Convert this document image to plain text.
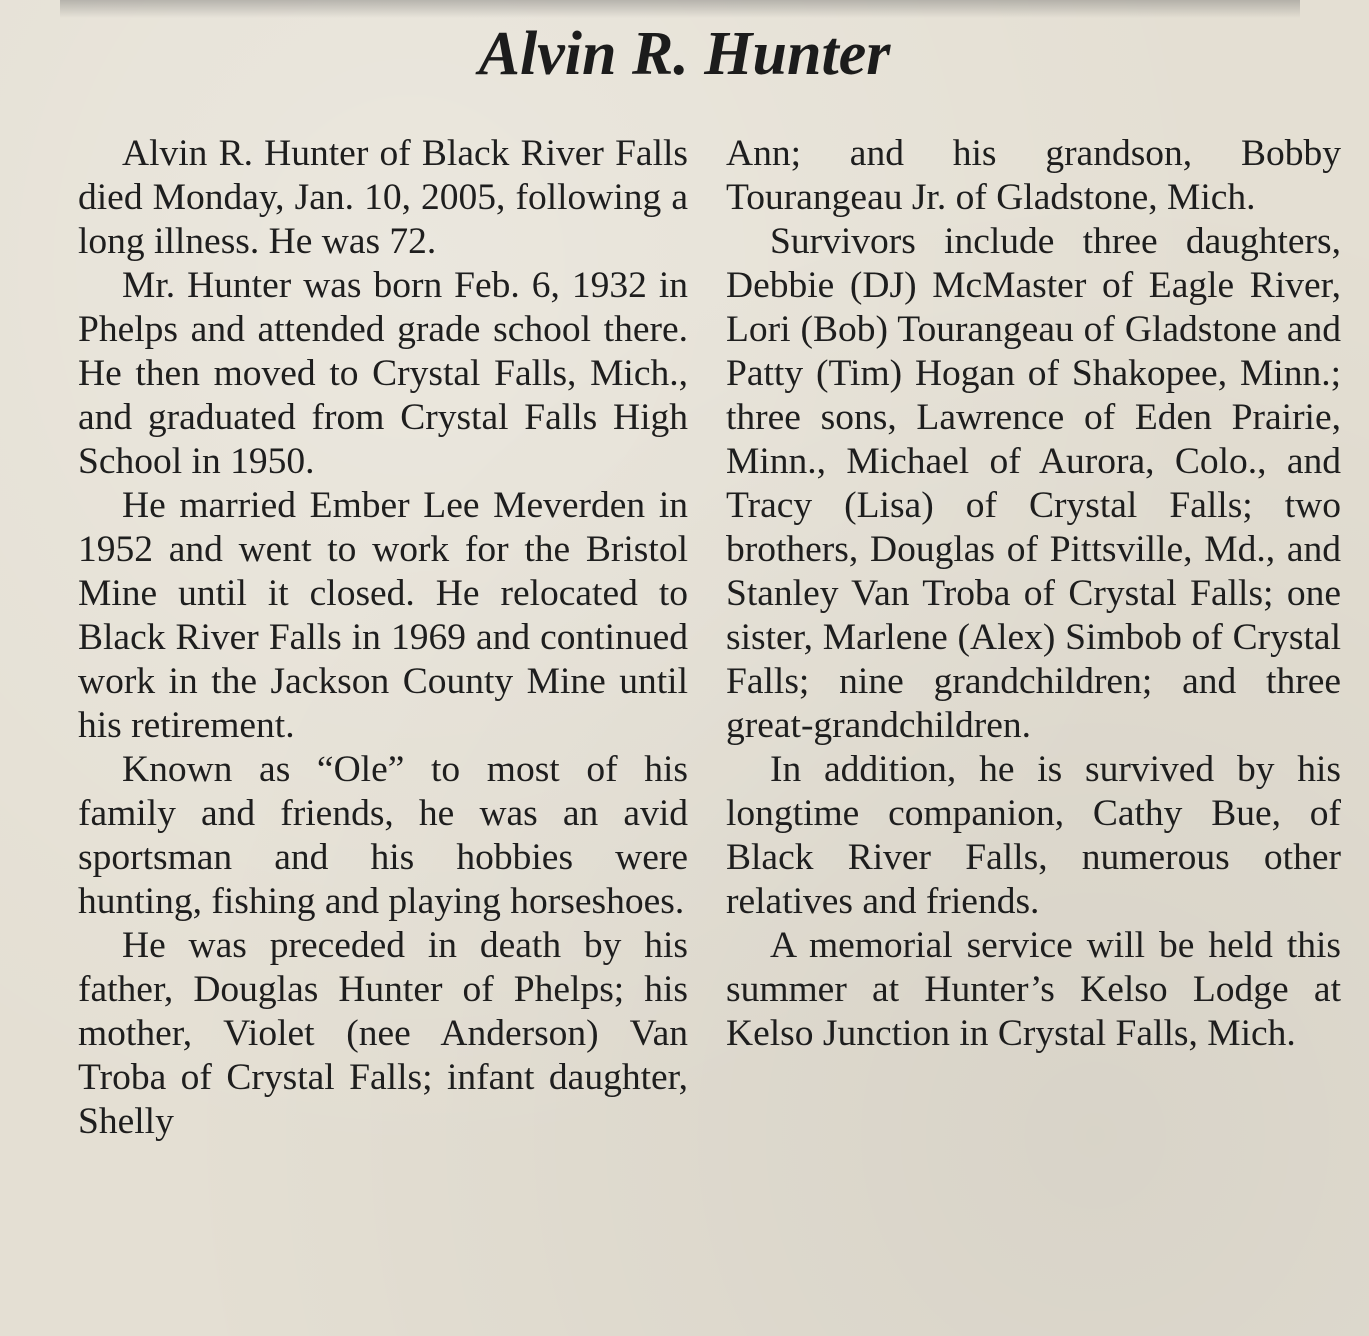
Alvin R. Hunter

Alvin R. Hunter of Black River Falls died Monday, Jan. 10, 2005, following a long illness. He was 72.

Mr. Hunter was born Feb. 6, 1932 in Phelps and attended grade school there. He then moved to Crystal Falls, Mich., and graduated from Crystal Falls High School in 1950.

He married Ember Lee Meverden in 1952 and went to work for the Bristol Mine until it closed. He relocated to Black River Falls in 1969 and continued work in the Jackson County Mine until his retirement.

Known as “Ole” to most of his family and friends, he was an avid sportsman and his hobbies were hunting, fishing and playing horseshoes.

He was preceded in death by his father, Douglas Hunter of Phelps; his mother, Violet (nee Anderson) Van Troba of Crystal Falls; infant daughter, Shelly

Ann; and his grandson, Bobby Tourangeau Jr. of Gladstone, Mich.

Survivors include three daughters, Debbie (DJ) McMaster of Eagle River, Lori (Bob) Tourangeau of Gladstone and Patty (Tim) Hogan of Shakopee, Minn.; three sons, Lawrence of Eden Prairie, Minn., Michael of Aurora, Colo., and Tracy (Lisa) of Crystal Falls; two brothers, Douglas of Pittsville, Md., and Stanley Van Troba of Crystal Falls; one sister, Marlene (Alex) Simbob of Crystal Falls; nine grandchildren; and three great-grandchildren.

In addition, he is survived by his longtime companion, Cathy Bue, of Black River Falls, numerous other relatives and friends.

A memorial service will be held this summer at Hunter’s Kelso Lodge at Kelso Junction in Crystal Falls, Mich.
